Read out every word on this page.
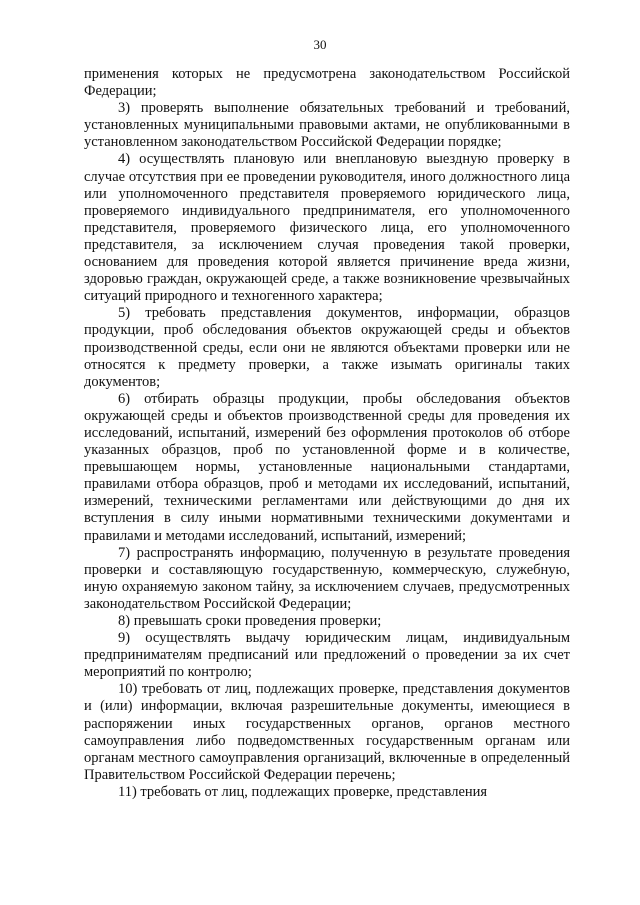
30

применения которых не предусмотрена законодательством Российской Федерации;

3) проверять выполнение обязательных требований и требований, установленных муниципальными правовыми актами, не опубликованными в установленном законодательством Российской Федерации порядке;

4) осуществлять плановую или внеплановую выездную проверку в случае отсутствия при ее проведении руководителя, иного должностного лица или уполномоченного представителя проверяемого юридического лица, проверяемого индивидуального предпринимателя, его уполномоченного представителя, проверяемого физического лица, его уполномоченного представителя, за исключением случая проведения такой проверки, основанием для проведения которой является причинение вреда жизни, здоровью граждан, окружающей среде, а также возникновение чрезвычайных ситуаций природного и техногенного характера;

5) требовать представления документов, информации, образцов продукции, проб обследования объектов окружающей среды и объектов производственной среды, если они не являются объектами проверки или не относятся к предмету проверки, а также изымать оригиналы таких документов;

6) отбирать образцы продукции, пробы обследования объектов окружающей среды и объектов производственной среды для проведения их исследований, испытаний, измерений без оформления протоколов об отборе указанных образцов, проб по установленной форме и в количестве, превышающем нормы, установленные национальными стандартами, правилами отбора образцов, проб и методами их исследований, испытаний, измерений, техническими регламентами или действующими до дня их вступления в силу иными нормативными техническими документами и правилами и методами исследований, испытаний, измерений;

7) распространять информацию, полученную в результате проведения проверки и составляющую государственную, коммерческую, служебную, иную охраняемую законом тайну, за исключением случаев, предусмотренных законодательством Российской Федерации;

8) превышать сроки проведения проверки;

9) осуществлять выдачу юридическим лицам, индивидуальным предпринимателям предписаний или предложений о проведении за их счет мероприятий по контролю;

10) требовать от лиц, подлежащих проверке, представления документов и (или) информации, включая разрешительные документы, имеющиеся в распоряжении иных государственных органов, органов местного самоуправления либо подведомственных государственным органам или органам местного самоуправления организаций, включенные в определенный Правительством Российской Федерации перечень;

11) требовать от лиц, подлежащих проверке, представления
